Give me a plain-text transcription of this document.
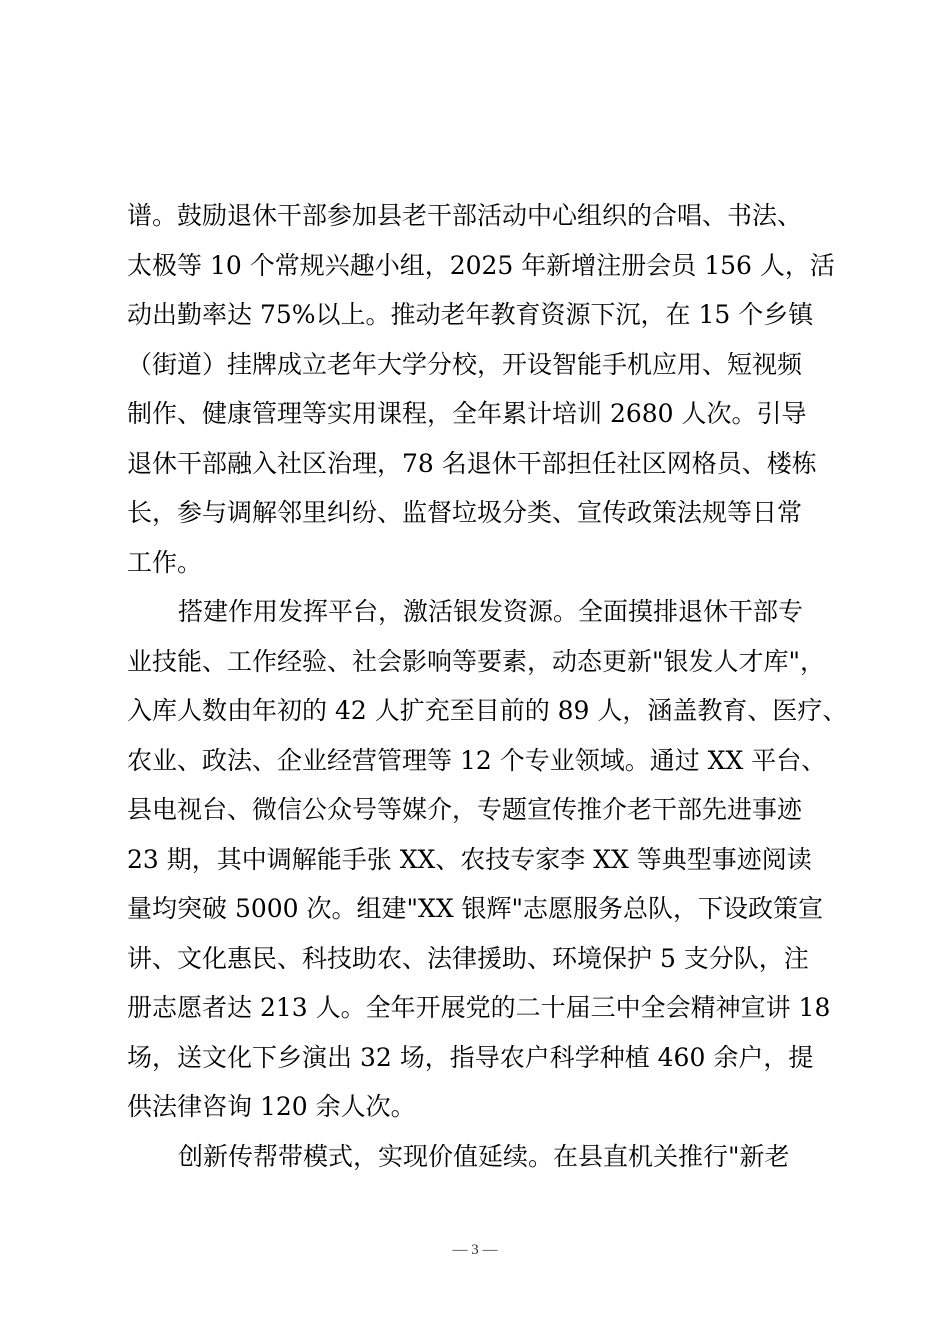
谱。鼓励退休干部参加县老干部活动中心组织的合唱、书法、
太极等 10 个常规兴趣小组，2025 年新增注册会员 156 人，活
动出勤率达 75%以上。推动老年教育资源下沉，在 15 个乡镇
（街道）挂牌成立老年大学分校，开设智能手机应用、短视频
制作、健康管理等实用课程，全年累计培训 2680 人次。引导
退休干部融入社区治理，78 名退休干部担任社区网格员、楼栋
长，参与调解邻里纠纷、监督垃圾分类、宣传政策法规等日常
工作。
搭建作用发挥平台，激活银发资源。全面摸排退休干部专
业技能、工作经验、社会影响等要素，动态更新"银发人才库"，
入库人数由年初的 42 人扩充至目前的 89 人，涵盖教育、医疗、
农业、政法、企业经营管理等 12 个专业领域。通过 XX 平台、
县电视台、微信公众号等媒介，专题宣传推介老干部先进事迹
23 期，其中调解能手张 XX、农技专家李 XX 等典型事迹阅读
量均突破 5000 次。组建"XX 银辉"志愿服务总队，下设政策宣
讲、文化惠民、科技助农、法律援助、环境保护 5 支分队，注
册志愿者达 213 人。全年开展党的二十届三中全会精神宣讲 18
场，送文化下乡演出 32 场，指导农户科学种植 460 余户，提
供法律咨询 120 余人次。
创新传帮带模式，实现价值延续。在县直机关推行"新老
— 3 —
